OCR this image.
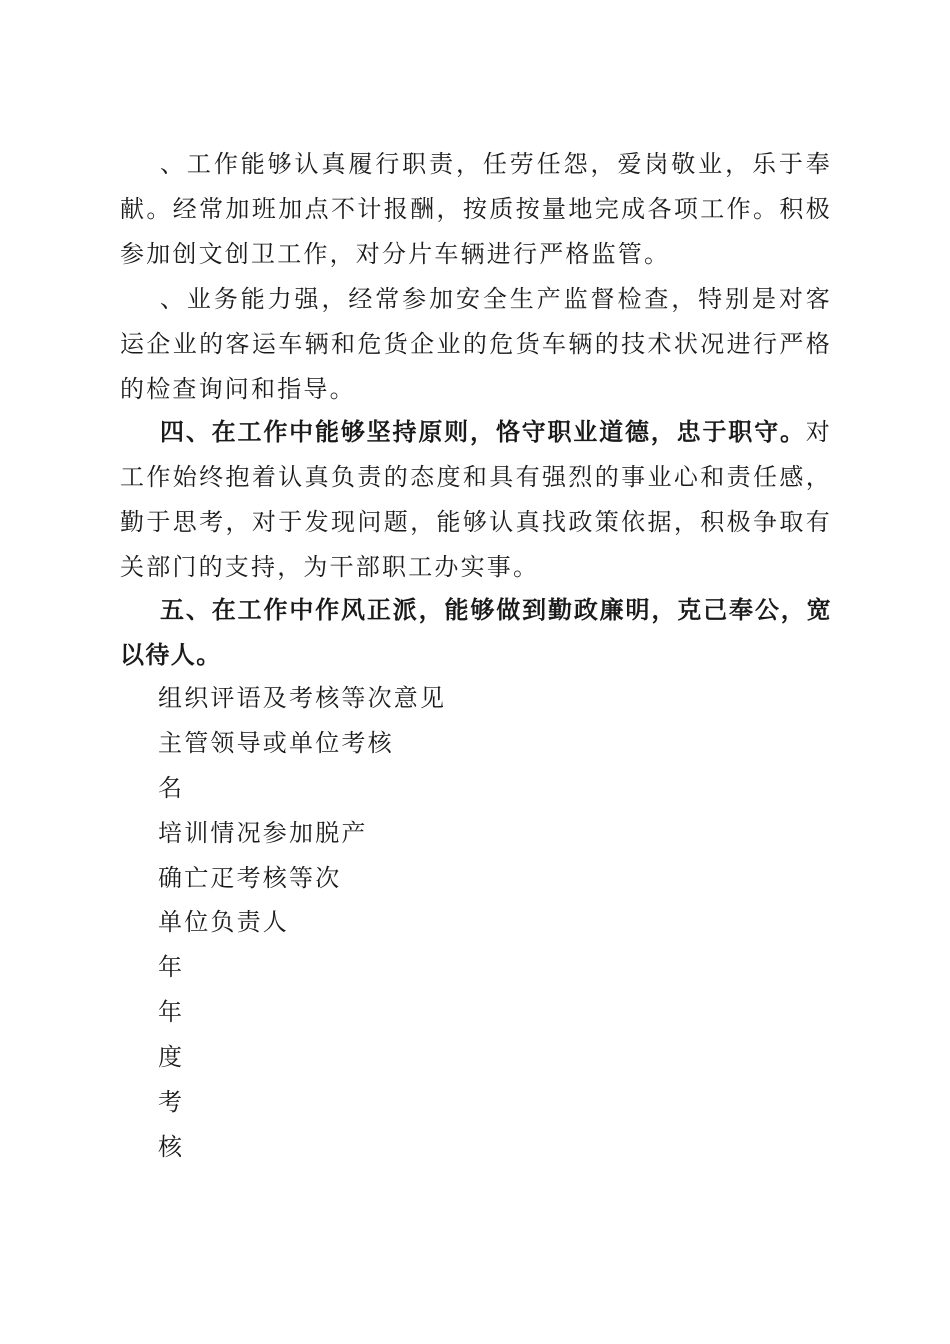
、工作能够认真履行职责，任劳任怨，爱岗敬业，乐于奉献。经常加班加点不计报酬，按质按量地完成各项工作。积极参加创文创卫工作，对分片车辆进行严格监管。

、业务能力强，经常参加安全生产监督检查，特别是对客运企业的客运车辆和危货企业的危货车辆的技术状况进行严格的检查询问和指导。

四、在工作中能够坚持原则，恪守职业道德，忠于职守。对工作始终抱着认真负责的态度和具有强烈的事业心和责任感，勤于思考，对于发现问题，能够认真找政策依据，积极争取有关部门的支持，为干部职工办实事。

五、在工作中作风正派，能够做到勤政廉明，克己奉公，宽以待人。

组织评语及考核等次意见

主管领导或单位考核

名

培训情况参加脱产

确亡疋考核等次

单位负责人

年

年

度

考

核
